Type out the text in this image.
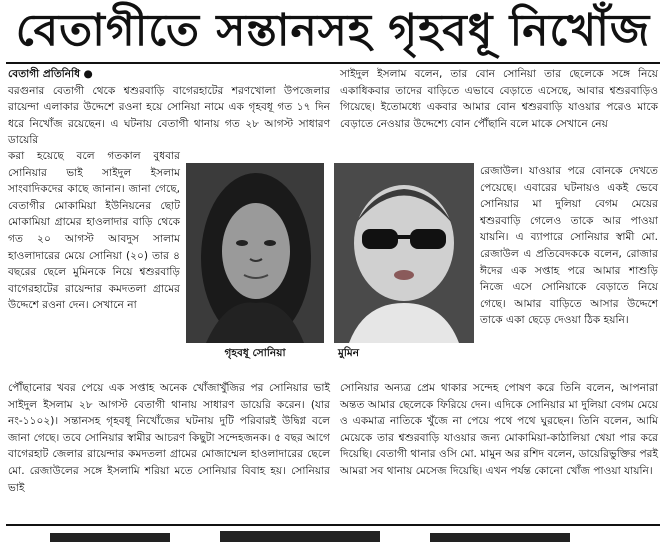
বেতাগীতে সন্তানসহ গৃহবধূ নিখোঁজ

বেতাগী প্রতিনিধি ●

বরগুনার বেতাগী থেকে শ্বশুরবাড়ি বাগেরহাটের শরণখোলা উপজেলার রায়েন্দা এলাকার উদ্দেশে রওনা হয়ে সোনিয়া নামে এক গৃহবধূ গত ১৭ দিন ধরে নিখোঁজ রয়েছেন। এ ঘটনায় বেতাগী থানায় গত ২৮ আগস্ট সাধারণ ডায়েরি

করা হয়েছে বলে গতকাল বুধবার সোনিয়ার ভাই সাইদুল ইসলাম সাংবাদিকদের কাছে জানান। জানা গেছে, বেতাগীর মোকামিয়া ইউনিয়নের ছোট মোকামিয়া গ্রামের হাওলাদার বাড়ি থেকে গত ২০ আগস্ট আবদুস সালাম হাওলাদারের মেয়ে সোনিয়া (২০) তার ৪ বছরের ছেলে মুমিনকে নিয়ে শ্বশুরবাড়ি বাগেরহাটের রায়েন্দার কমদতলা গ্রামের উদ্দেশে রওনা দেন। সেখানে না

গৃহবধূ সোনিয়া	মুমিন

পৌঁছানোর খবর পেয়ে এক সপ্তাহ অনেক খোঁজাখুঁজির পর সোনিয়ার ভাই সাইদুল ইসলাম ২৮ আগস্ট বেতাগী থানায় সাধারণ ডায়েরি করেন। (যার নং-১১০২)। সন্তানসহ গৃহবধূ নিখোঁজের ঘটনায় দুটি পরিবারই উদ্বিগ্ন বলে জানা গেছে। তবে সোনিয়ার স্বামীর আচরণ কিছুটা সন্দেহজনক। ৫ বছর আগে বাগেরহাট জেলার রায়েন্দার কমদতলা গ্রামের মোজাম্মেল হাওলাদারের ছেলে মো. রেজাউলের সঙ্গে ইসলামি শরিয়া মতে সোনিয়ার বিবাহ হয়। সোনিয়ার ভাই

সাইদুল ইসলাম বলেন, তার বোন সোনিয়া তার ছেলেকে সঙ্গে নিয়ে একাধিকবার তাদের বাড়িতে এভাবে বেড়াতে এসেছে, আবার শ্বশুরবাড়িও গিয়েছে। ইতোমধ্যে একবার আমার বোন শ্বশুরবাড়ি যাওয়ার পরেও মাকে বেড়াতে নেওয়ার উদ্দেশ্যে বোন পৌঁছানি বলে মাকে সেখানে নেয়

রেজাউল। যাওয়ার পরে বোনকে দেখতে পেয়েছে। এবারের ঘটনায়ও একই ভেবে সোনিয়ার মা দুলিয়া বেগম মেয়ের শ্বশুরবাড়ি গেলেও তাকে আর পাওয়া যায়নি। এ ব্যাপারে সোনিয়ার স্বামী মো. রেজাউল এ প্রতিবেদককে বলেন, রোজার ঈদের এক সপ্তাহ পরে আমার শাশুড়ি নিজে এসে সোনিয়াকে বেড়াতে নিয়ে গেছে। আমার বাড়িতে আসার উদ্দেশে তাকে একা ছেড়ে দেওয়া ঠিক হয়নি।

সোনিয়ার অন্যত্র প্রেম থাকার সন্দেহ পোষণ করে তিনি বলেন, আপনারা অন্তত আমার ছেলেকে ফিরিয়ে দেন। এদিকে সোনিয়ার মা দুলিয়া বেগম মেয়ে ও একমাত্র নাতিকে খুঁজে না পেয়ে পথে পথে ঘুরছেন। তিনি বলেন, আমি মেয়েকে তার শ্বশুরবাড়ি যাওয়ার জন্য মোকামিয়া-কাঠালিয়া খেয়া পার করে দিয়েছি। বেতাগী থানার ওসি মো. মামুন অর রশিদ বলেন, ডায়েরিভুক্তির পরই আমরা সব থানায় মেসেজ দিয়েছি। এখন পর্যন্ত কোনো খোঁজ পাওয়া যায়নি।
